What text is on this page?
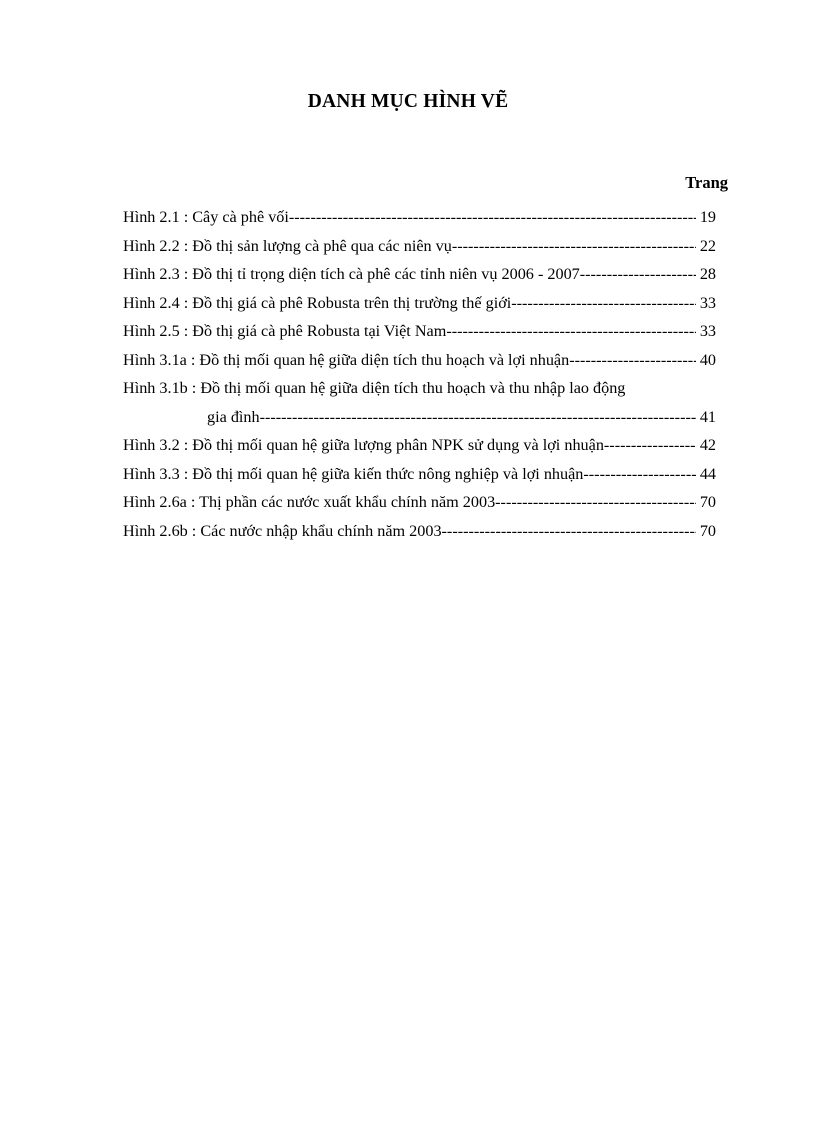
DANH MỤC HÌNH VẼ
Trang
Hình 2.1 : Cây cà phê vối -----	19
Hình 2.2 : Đồ thị sản lượng cà phê qua các niên vụ -----	22
Hình 2.3 : Đồ thị tỉ trọng diện tích cà phê các tỉnh niên vụ 2006 - 2007 -----	28
Hình 2.4 : Đồ thị giá cà phê Robusta trên thị trường thế giới -----	33
Hình 2.5 : Đồ thị giá cà phê Robusta tại Việt Nam -----	33
Hình 3.1a : Đồ thị mối quan hệ giữa diện tích thu hoạch và lợi nhuận -----	40
Hình 3.1b : Đồ thị mối quan hệ giữa diện tích thu hoạch và thu nhập lao động
gia đình -----	41
Hình 3.2 : Đồ thị mối quan hệ giữa lượng phân NPK sử dụng và lợi nhuận -----	42
Hình 3.3 : Đồ thị mối quan hệ giữa kiến thức nông nghiệp và lợi nhuận -----	44
Hình 2.6a : Thị phần các nước xuất khẩu chính năm 2003 -----	70
Hình 2.6b : Các nước nhập khẩu chính năm 2003 -----	70
